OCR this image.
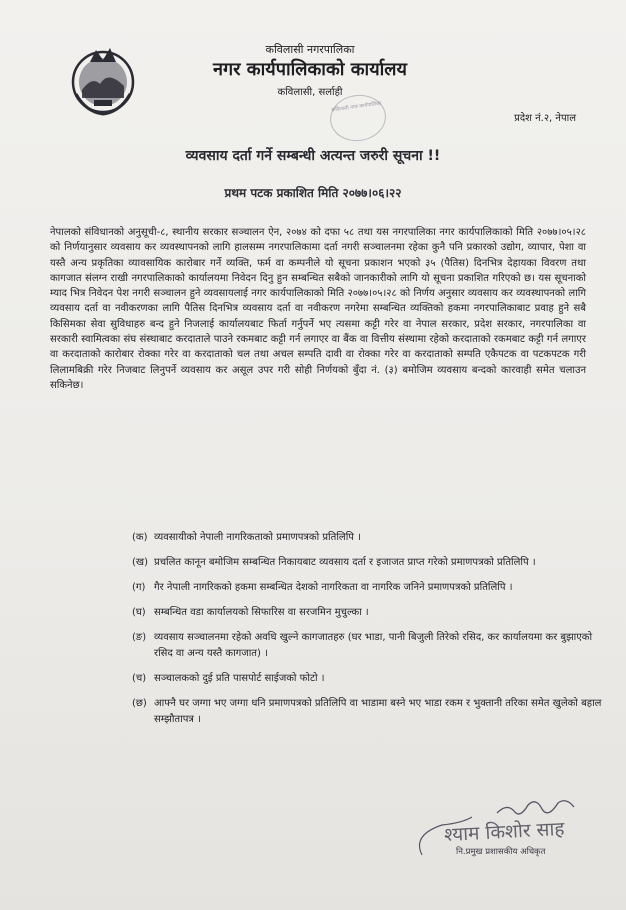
कविलासी नगरपालिका
नगर कार्यपालिकाको कार्यालय
कविलासी, सर्लाही
कविलासी नगर कार्यपालिका
प्रदेश नं.२, नेपाल
व्यवसाय दर्ता गर्ने सम्बन्धी अत्यन्त जरुरी सूचना !!
प्रथम पटक प्रकाशित मिति २०७७।०६।२२
नेपालको संविधानको अनुसूची-८, स्थानीय सरकार सञ्चालन ऐन, २०७४ को दफा ५८ तथा यस नगरपालिका नगर कार्यपालिकाको मिति २०७७।०५।२८ को निर्णयानुसार व्यवसाय कर व्यवस्थापनको लागि हालसम्म नगरपालिकामा दर्ता नगरी सञ्चालनमा रहेका कुनै पनि प्रकारको उद्योग, व्यापार, पेशा वा यस्तै अन्य प्रकृतिका व्यावसायिक कारोबार गर्ने व्यक्ति, फर्म वा कम्पनीले यो सूचना प्रकाशन भएको ३५ (पैतिस) दिनभित्र देहायका विवरण तथा कागजात संलग्न राखी नगरपालिकाको कार्यालयमा निवेदन दिनु हुन सम्बन्धित सबैको जानकारीको लागि यो सूचना प्रकाशित गरिएको छ। यस सूचनाको म्याद भित्र निवेदन पेश नगरी सञ्चालन हुने व्यवसायलाई नगर कार्यपालिकाको मिति २०७७।०५।२८ को निर्णय अनुसार व्यवसाय कर व्यवस्थापनको लागि व्यवसाय दर्ता वा नवीकरणका लागि पैतिस दिनभित्र व्यवसाय दर्ता वा नवीकरण नगरेमा सम्बन्धित व्यक्तिको हकमा नगरपालिकाबाट प्रवाह हुने सबै किसिमका सेवा सुविधाहरु बन्द हुने निजलाई कार्यालयबाट फिर्ता गर्नुपर्ने भए त्यसमा कट्टी गरेर वा नेपाल सरकार, प्रदेश सरकार, नगरपालिका वा सरकारी स्वामित्वका संघ संस्थाबाट करदाताले पाउने रकमबाट कट्टी गर्न लगाएर वा बैंक वा वित्तीय संस्थामा रहेको करदाताको रकमबाट कट्टी गर्न लगाएर वा करदाताको कारोबार रोक्का गरेर वा करदाताको चल तथा अचल सम्पति दावी वा रोक्का गरेर वा करदाताको सम्पति एकैपटक वा पटकपटक गरी लिलामबिक्री गरेर निजबाट लिनुपर्ने व्यवसाय कर असूल उपर गरी सोही निर्णयको बुँदा नं. (३) बमोजिम व्यवसाय बन्दको कारवाही समेत चलाउन सकिनेछ।
(क) व्यवसायीको नेपाली नागरिकताको प्रमाणपत्रको प्रतिलिपि ।
(ख) प्रचलित कानून बमोजिम सम्बन्धित निकायबाट व्यवसाय दर्ता र इजाजत प्राप्त गरेको प्रमाणपत्रको प्रतिलिपि ।
(ग) गैर नेपाली नागरिकको हकमा सम्बन्धित देशको नागरिकता वा नागरिक जनिने प्रमाणपत्रको प्रतिलिपि ।
(घ) सम्बन्धित वडा कार्यालयको सिफारिस वा सरजमिन मुचुल्का ।
(ङ) व्यवसाय सञ्चालनमा रहेको अवधि खुल्ने कागजातहरु (घर भाडा, पानी बिजुली तिरेको रसिद, कर कार्यालयमा कर बुझाएको रसिद वा अन्य यस्तै कागजात) ।
(च) सञ्चालकको दुई प्रति पासपोर्ट साईजको फोटो ।
(छ) आफ्नै घर जग्गा भए जग्गा धनि प्रमाणपत्रको प्रतिलिपि वा भाडामा बस्ने भए भाडा रकम र भुक्तानी तरिका समेत खुलेको बहाल सम्झौतापत्र ।
श्याम किशोर साह
नि.प्रमुख प्रशासकीय अधिकृत
